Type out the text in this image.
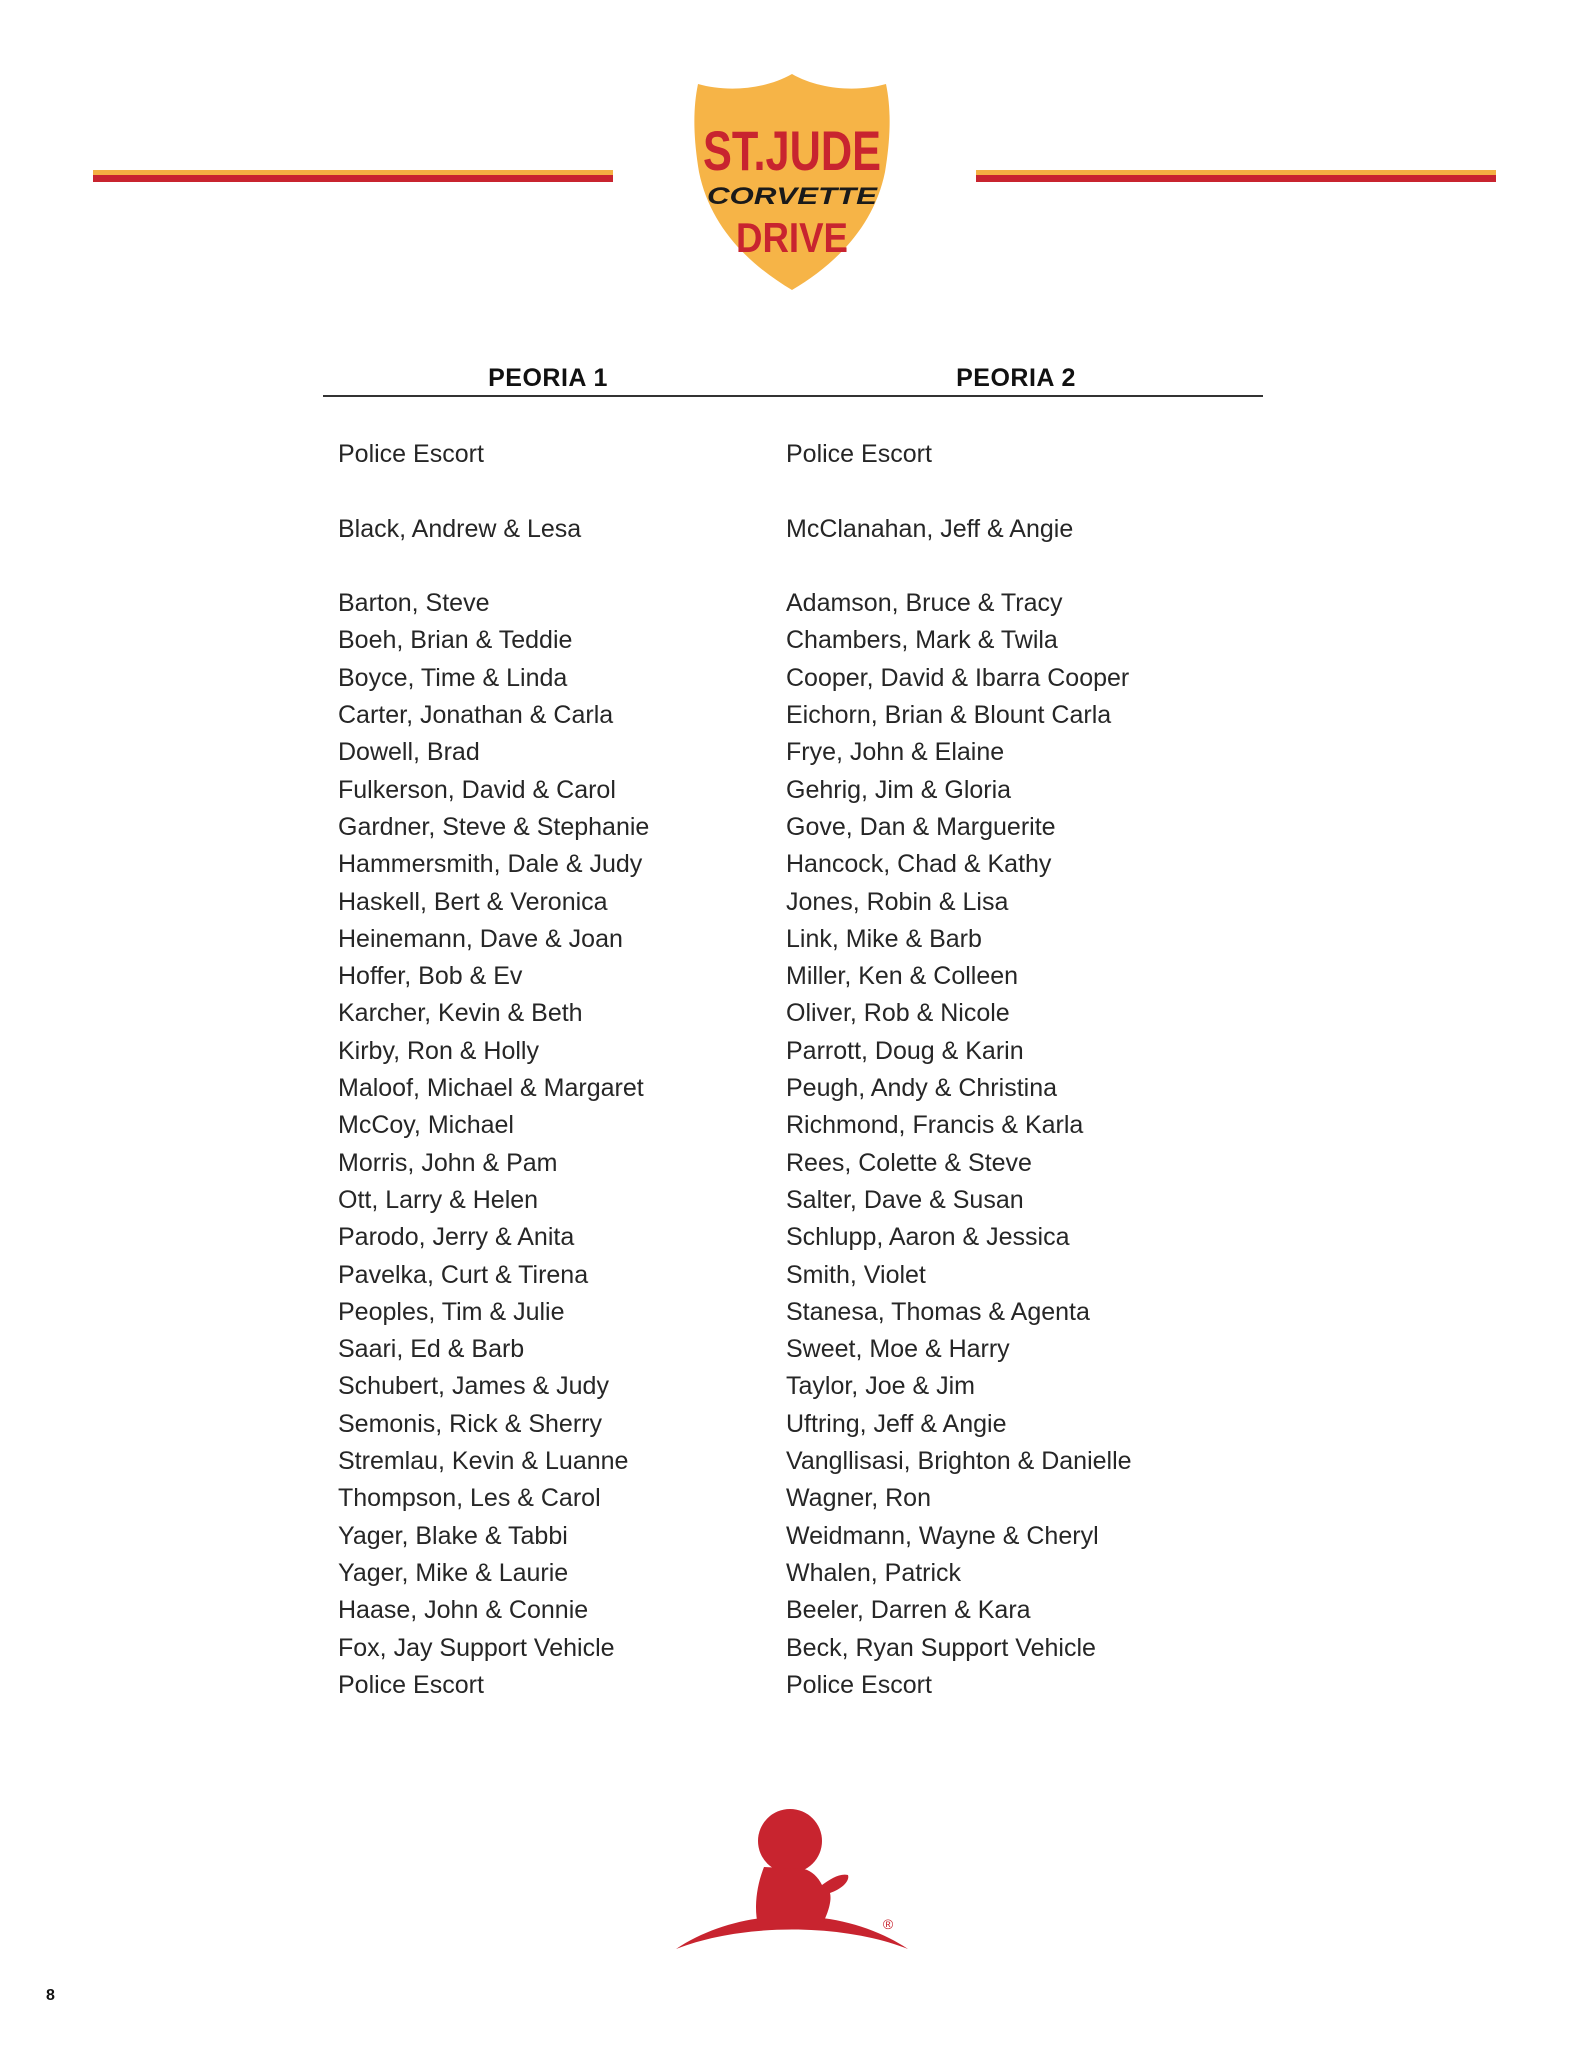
ST.JUDE
CORVETTE
DRIVE
PEORIA 1	PEORIA 2
Police Escort
Black, Andrew & Lesa
Barton, Steve
Boeh, Brian & Teddie
Boyce, Time & Linda
Carter, Jonathan & Carla
Dowell, Brad
Fulkerson, David & Carol
Gardner, Steve & Stephanie
Hammersmith, Dale & Judy
Haskell, Bert & Veronica
Heinemann, Dave & Joan
Hoffer, Bob & Ev
Karcher, Kevin & Beth
Kirby, Ron & Holly
Maloof, Michael & Margaret
McCoy, Michael
Morris, John & Pam
Ott, Larry & Helen
Parodo, Jerry & Anita
Pavelka, Curt & Tirena
Peoples, Tim & Julie
Saari, Ed & Barb
Schubert, James & Judy
Semonis, Rick & Sherry
Stremlau, Kevin & Luanne
Thompson, Les & Carol
Yager, Blake & Tabbi
Yager, Mike & Laurie
Haase, John & Connie
Fox, Jay Support Vehicle
Police Escort
Police Escort
McClanahan, Jeff & Angie
Adamson, Bruce & Tracy
Chambers, Mark & Twila
Cooper, David & Ibarra Cooper
Eichorn, Brian & Blount Carla
Frye, John & Elaine
Gehrig, Jim & Gloria
Gove, Dan & Marguerite
Hancock, Chad & Kathy
Jones, Robin & Lisa
Link, Mike & Barb
Miller, Ken & Colleen
Oliver, Rob & Nicole
Parrott, Doug & Karin
Peugh, Andy & Christina
Richmond, Francis & Karla
Rees, Colette & Steve
Salter, Dave & Susan
Schlupp, Aaron & Jessica
Smith, Violet
Stanesa, Thomas & Agenta
Sweet, Moe & Harry
Taylor, Joe & Jim
Uftring, Jeff & Angie
Vangllisasi, Brighton & Danielle
Wagner, Ron
Weidmann, Wayne & Cheryl
Whalen, Patrick
Beeler, Darren & Kara
Beck, Ryan Support Vehicle
Police Escort
®
8
